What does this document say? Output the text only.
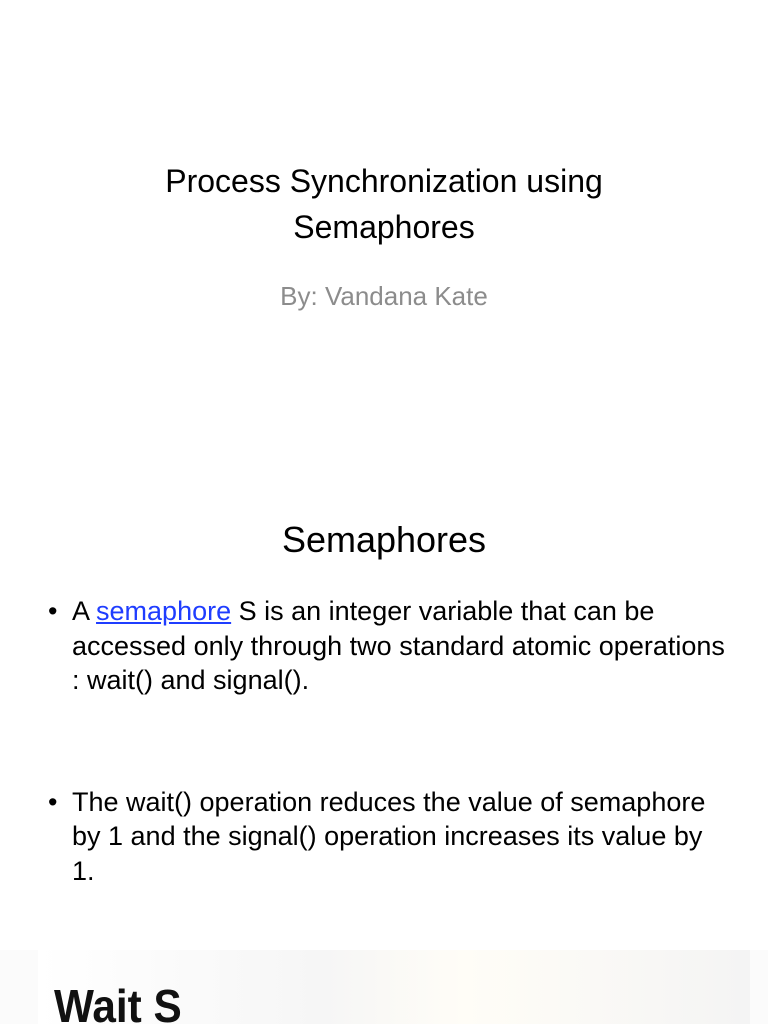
Process Synchronization using
Semaphores
By: Vandana Kate
Semaphores
• A semaphore S is an integer variable that can be accessed only through two standard atomic operations : wait() and signal().
• The wait() operation reduces the value of semaphore by 1 and the signal() operation increases its value by 1.
Wait S
